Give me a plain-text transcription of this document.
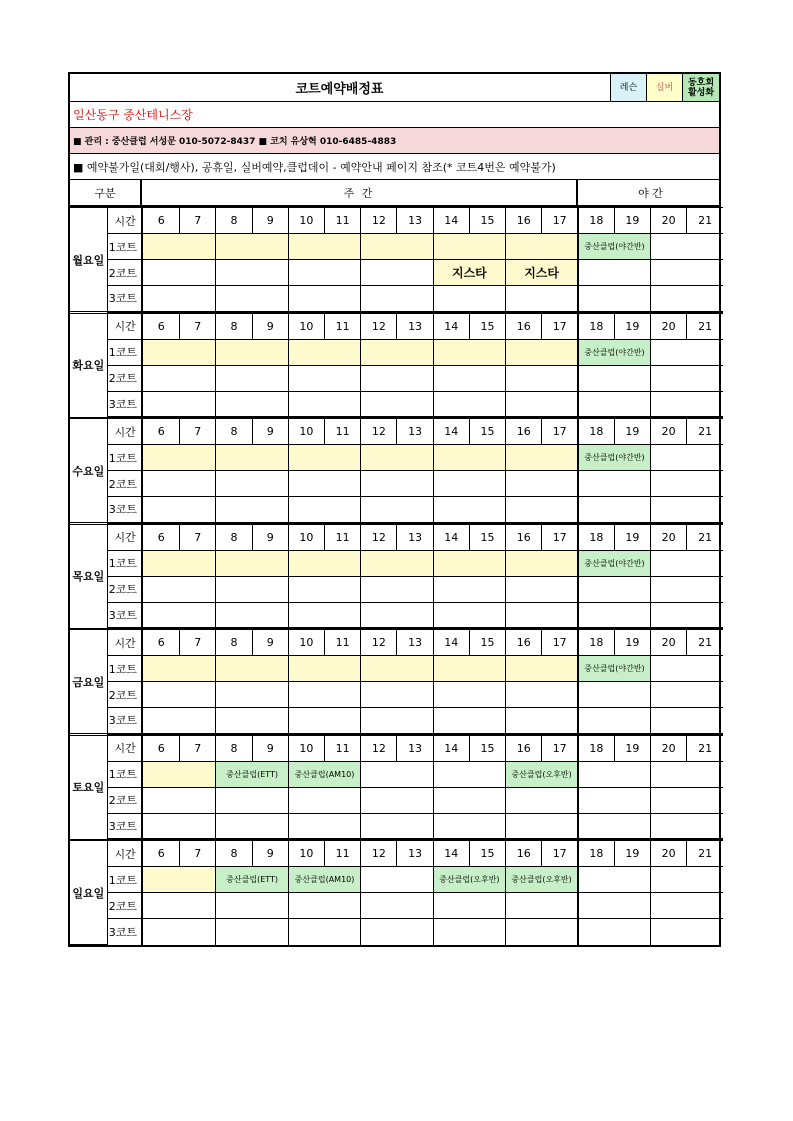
코트예약배정표	레슨	실버	동호회
활성화
일산동구 중산테니스장
■ 관리 : 중산클럽 서성문 010-5072-8437 ■ 코치 유상혁 010-6485-4883
■ 예약불가일(대회/행사), 공휴일, 실버예약,클럽데이 - 예약안내 페이지 참조(* 코트4번은 예약불가)
구분	주 간	야 간
월요일	시간	6	7	8	9	10	11	12	13	14	15	16	17	18	19	20	21
	1코트													중산클럽(야간반)			
	2코트									지스타		지스타					
	3코트																
화요일	시간	6	7	8	9	10	11	12	13	14	15	16	17	18	19	20	21
	1코트													중산클럽(야간반)			
	2코트																
	3코트																
수요일	시간	6	7	8	9	10	11	12	13	14	15	16	17	18	19	20	21
	1코트													중산클럽(야간반)			
	2코트																
	3코트																
목요일	시간	6	7	8	9	10	11	12	13	14	15	16	17	18	19	20	21
	1코트													중산클럽(야간반)			
	2코트																
	3코트																
금요일	시간	6	7	8	9	10	11	12	13	14	15	16	17	18	19	20	21
	1코트													중산클럽(야간반)			
	2코트																
	3코트																
토요일	시간	6	7	8	9	10	11	12	13	14	15	16	17	18	19	20	21
	1코트			중산클럽(ETT)		중산클럽(AM10)						중산클럽(오후반)					
	2코트																
	3코트																
일요일	시간	6	7	8	9	10	11	12	13	14	15	16	17	18	19	20	21
	1코트			중산클럽(ETT)		중산클럽(AM10)				중산클럽(오후반)		중산클럽(오후반)					
	2코트																
	3코트																
